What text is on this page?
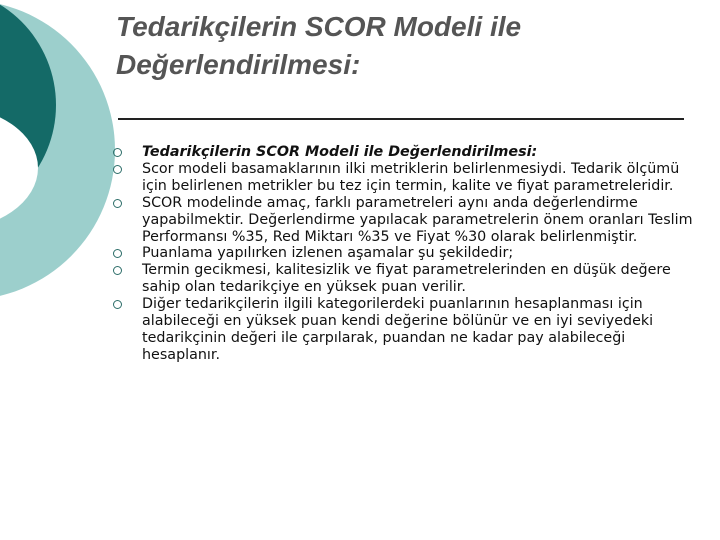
Tedarikçilerin SCOR Modeli ile
Değerlendirilmesi:
Tedarikçilerin SCOR Modeli ile Değerlendirilmesi:
Scor modeli basamaklarının ilki metriklerin belirlenmesiydi. Tedarik ölçümü için belirlenen metrikler bu tez için termin, kalite ve fiyat parametreleridir.
SCOR modelinde amaç, farklı parametreleri aynı anda değerlendirme yapabilmektir. Değerlendirme yapılacak parametrelerin önem oranları Teslim Performansı %35, Red Miktarı %35 ve Fiyat %30 olarak belirlenmiştir.
Puanlama yapılırken izlenen aşamalar şu şekildedir;
Termin gecikmesi, kalitesizlik ve fiyat parametrelerinden en düşük değere sahip olan tedarikçiye en yüksek puan verilir.
Diğer tedarikçilerin ilgili kategorilerdeki puanlarının hesaplanması için alabileceği en yüksek puan kendi değerine bölünür ve en iyi seviyedeki tedarikçinin değeri ile çarpılarak, puandan ne kadar pay alabileceği hesaplanır.
